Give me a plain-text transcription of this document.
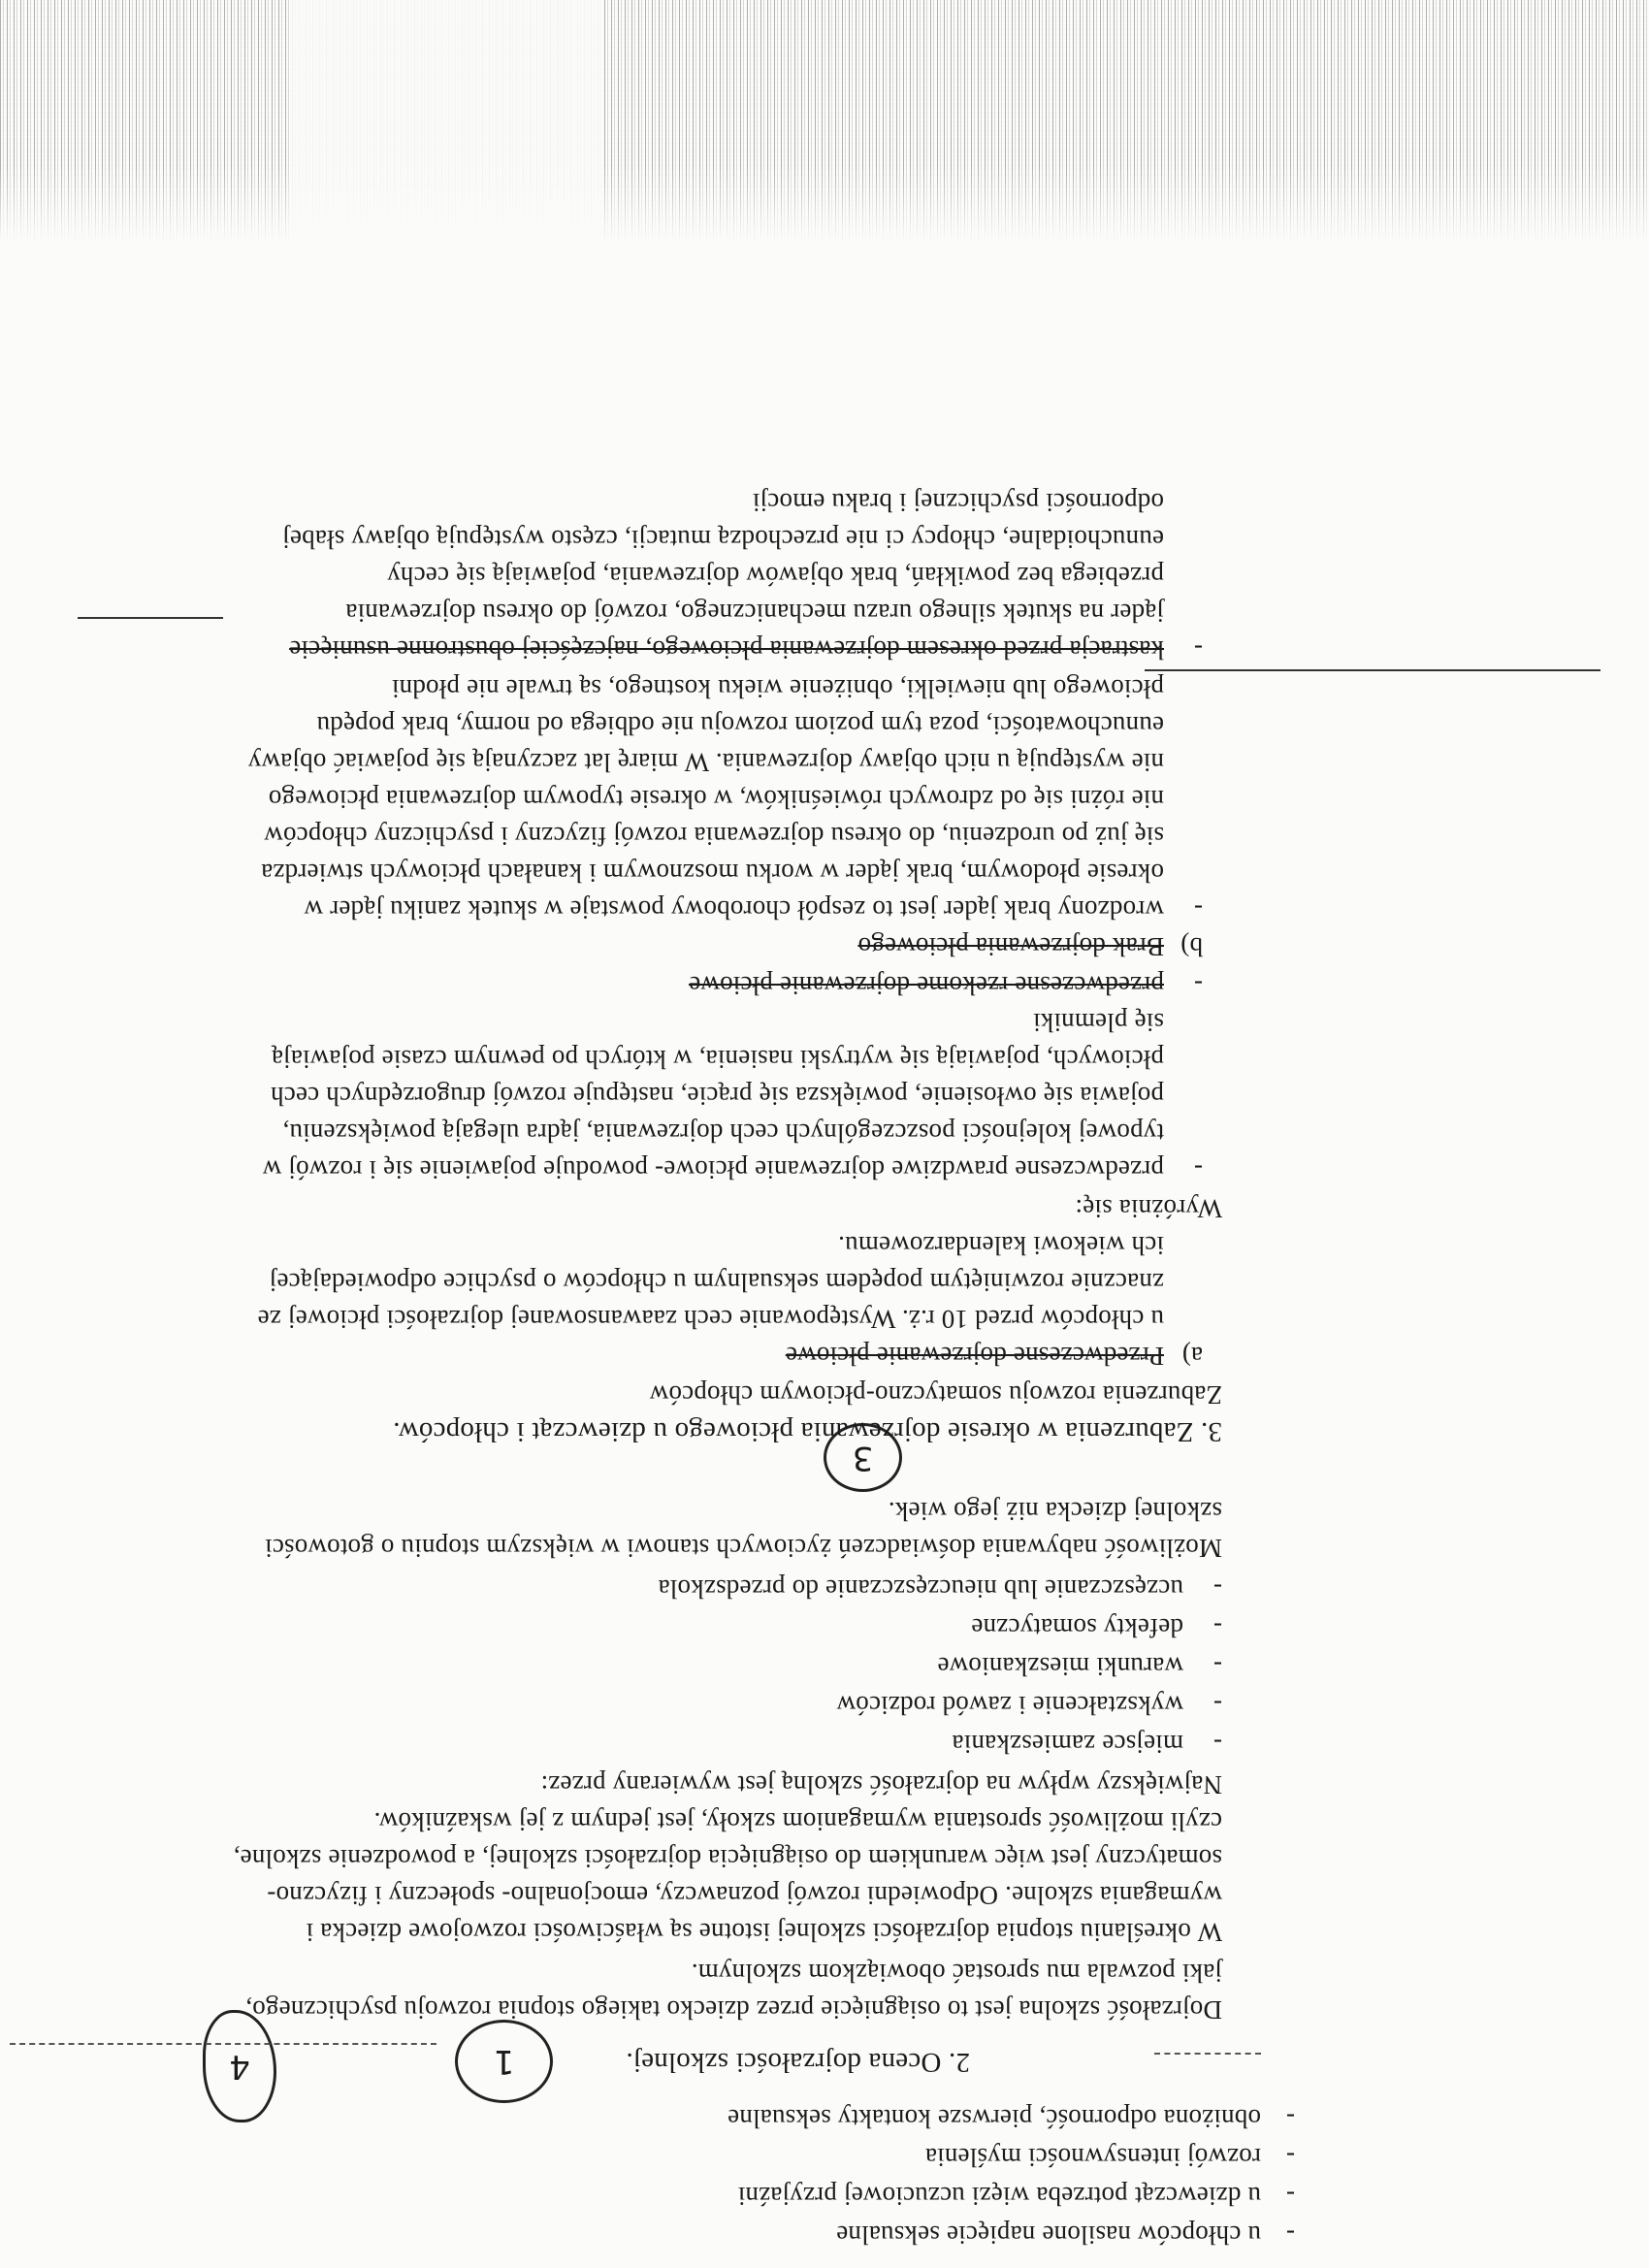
4
-
u chłopców nasilone napięcie seksualne
-
u dziewcząt potrzeba więzi uczuciowej przyjaźni
-
rozwój intensywności myślenia
-
obniżona odporność, pierwsze kontakty seksualne
2. Ocena dojrzałości szkolnej.
1
Dojrzałość szkolna jest to osiągnięcie przez dziecko takiego stopnia rozwoju psychicznego,
jaki pozwala mu sprostać obowiązkom szkolnym.
W określaniu stopnia dojrzałości szkolnej istotne są właściwości rozwojowe dziecka i
wymagania szkolne. Odpowiedni rozwój poznawczy, emocjonalno- społeczny i fizyczno-
somatyczny jest więc warunkiem do osiągnięcia dojrzałości szkolnej, a powodzenie szkolne,
czyli możliwość sprostania wymaganiom szkoły, jest jednym z jej wskaźników.
Największy wpływ na dojrzałość szkolną jest wywierany przez:
-
miejsce zamieszkania
-
wykształcenie i zawód rodziców
-
warunki mieszkaniowe
-
defekty somatyczne
-
uczęszczanie lub nieuczęszczanie do przedszkola
Możliwość nabywania doświadczeń życiowych stanowi w większym stopniu o gotowości
szkolnej dziecka niż jego wiek.
3
3. Zaburzenia w okresie dojrzewania płciowego u dziewcząt i chłopców.
Zaburzenia rozwoju somatyczno-płciowym chłopców
a)
Przedwczesne dojrzewanie płciowe
u chłopców przed 10 r.ż. Występowanie cech zaawansowanej dojrzałości płciowej ze
znacznie rozwiniętym popędem seksualnym u chłopców o psychice odpowiedającej
ich wiekowi kalendarzowemu.
Wyróżnia się:
-
przedwczesne prawdziwe dojrzewanie płciowe- powoduje pojawienie się i rozwój w
typowej kolejności poszczególnych cech dojrzewania, jądra ulegają powiększeniu,
pojawia się owłosienie, powiększa się prącie, następuje rozwój drugorzędnych cech
płciowych, pojawiają się wytryski nasienia, w których po pewnym czasie pojawiają
się plemniki
-
przedwczesne rzekome dojrzewanie płciowe
b)
Brak dojrzewania płciowego
-
wrodzony brak jąder jest to zespół chorobowy powstaje w skutek zaniku jąder w
okresie płodowym, brak jąder w worku mosznowym i kanałach płciowych stwierdza
się już po urodzeniu, do okresu dojrzewania rozwój fizyczny i psychiczny chłopców
nie różni się od zdrowych rówieśników, w okresie typowym dojrzewania płciowego
nie występują u nich objawy dojrzewania. W miarę lat zaczynają się pojawiać objawy
eunuchowatości, poza tym poziom rozwoju nie odbiega od normy, brak popędu
płciowego lub niewielki, obniżenie wieku kostnego, są trwale nie płodni
-
kastracja przed okresem dojrzewania płciowego, najczęściej obustronne usunięcie
jąder na skutek silnego urazu mechanicznego, rozwój do okresu dojrzewania
przebiega bez powikłań, brak objawów dojrzewania, pojawiają się cechy
eunuchoidalne, chłopcy ci nie przechodzą mutacji, często występują objawy słabej
odporności psychicznej i braku emocji
